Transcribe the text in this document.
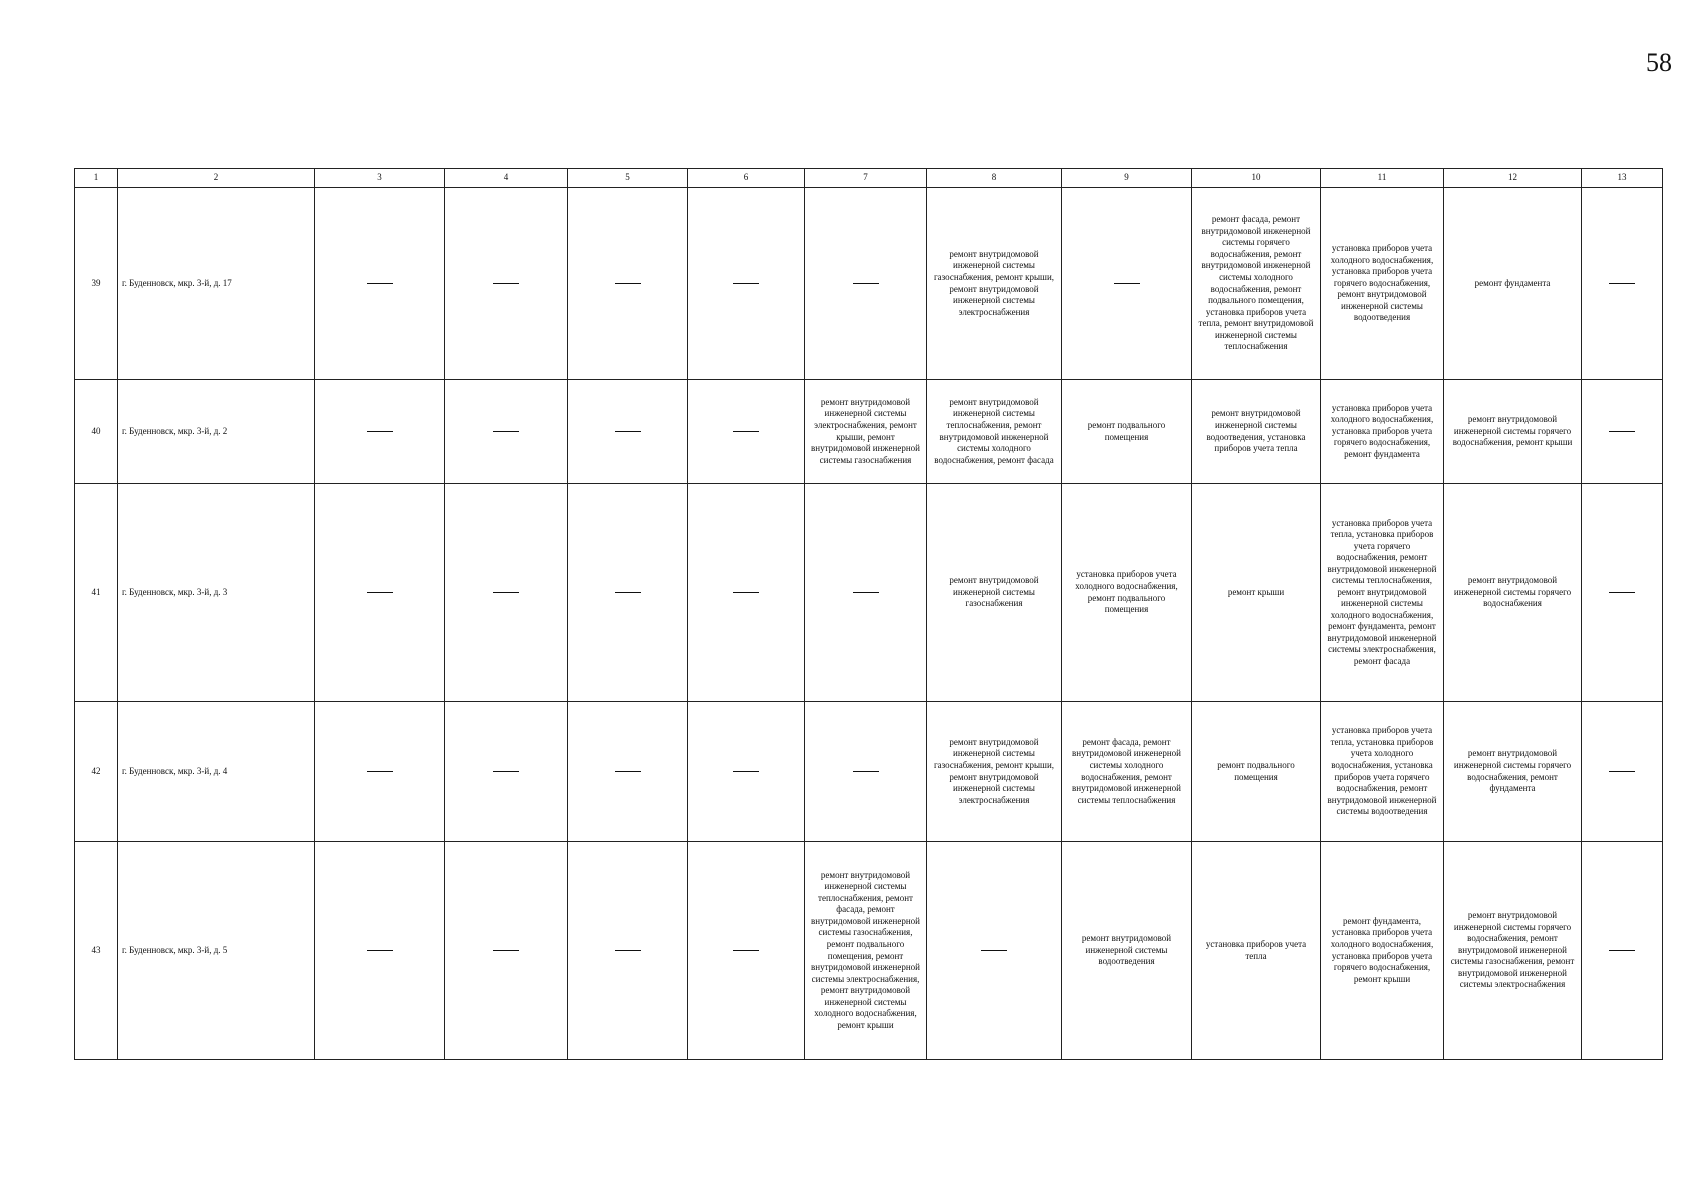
58
1	2	3	4	5	6	7	8	9	10	11	12	13
39	г. Буденновск, мкр. 3-й, д. 17						ремонт внутридомовой инженерной системы газоснабжения, ремонт крыши, ремонт внутридомовой инженерной системы электроснабжения		ремонт фасада, ремонт внутридомовой инженерной системы горячего водоснабжения, ремонт внутридомовой инженерной системы холодного водоснабжения, ремонт подвального помещения, установка приборов учета тепла, ремонт внутридомовой инженерной системы теплоснабжения	установка приборов учета холодного водоснабжения, установка приборов учета горячего водоснабжения, ремонт внутридомовой инженерной системы водоотведения	ремонт фундамента	
40	г. Буденновск, мкр. 3-й, д. 2					ремонт внутридомовой инженерной системы электроснабжения, ремонт крыши, ремонт внутридомовой инженерной системы газоснабжения	ремонт внутридомовой инженерной системы теплоснабжения, ремонт внутридомовой инженерной системы холодного водоснабжения, ремонт фасада	ремонт подвального помещения	ремонт внутридомовой инженерной системы водоотведения, установка приборов учета тепла	установка приборов учета холодного водоснабжения, установка приборов учета горячего водоснабжения, ремонт фундамента	ремонт внутридомовой инженерной системы горячего водоснабжения, ремонт крыши	
41	г. Буденновск, мкр. 3-й, д. 3						ремонт внутридомовой инженерной системы газоснабжения	установка приборов учета холодного водоснабжения, ремонт подвального помещения	ремонт крыши	установка приборов учета тепла, установка приборов учета горячего водоснабжения, ремонт внутридомовой инженерной системы теплоснабжения, ремонт внутридомовой инженерной системы холодного водоснабжения, ремонт фундамента, ремонт внутридомовой инженерной системы электроснабжения, ремонт фасада	ремонт внутридомовой инженерной системы горячего водоснабжения	
42	г. Буденновск, мкр. 3-й, д. 4						ремонт внутридомовой инженерной системы газоснабжения, ремонт крыши, ремонт внутридомовой инженерной системы электроснабжения	ремонт фасада, ремонт внутридомовой инженерной системы холодного водоснабжения, ремонт внутридомовой инженерной системы теплоснабжения	ремонт подвального помещения	установка приборов учета тепла, установка приборов учета холодного водоснабжения, установка приборов учета горячего водоснабжения, ремонт внутридомовой инженерной системы водоотведения	ремонт внутридомовой инженерной системы горячего водоснабжения, ремонт фундамента	
43	г. Буденновск, мкр. 3-й, д. 5					ремонт внутридомовой инженерной системы теплоснабжения, ремонт фасада, ремонт внутридомовой инженерной системы газоснабжения, ремонт подвального помещения, ремонт внутридомовой инженерной системы электроснабжения, ремонт внутридомовой инженерной системы холодного водоснабжения, ремонт крыши		ремонт внутридомовой инженерной системы водоотведения	установка приборов учета тепла	ремонт фундамента, установка приборов учета холодного водоснабжения, установка приборов учета горячего водоснабжения, ремонт крыши	ремонт внутридомовой инженерной системы горячего водоснабжения, ремонт внутридомовой инженерной системы газоснабжения, ремонт внутридомовой инженерной системы электроснабжения	
